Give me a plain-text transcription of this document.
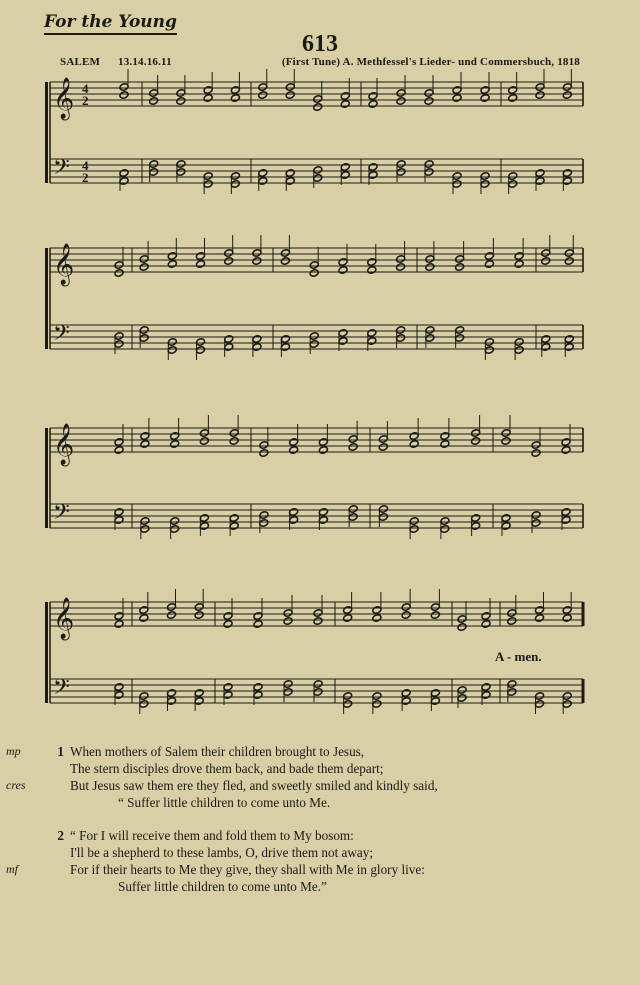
For the Young
613
SALEM 13.14.16.11	(First Tune) A. Methfessel's Lieder- und Commersbuch, 1818
𝄞
𝄢
4
2
4
2
𝄞
𝄢
𝄞
𝄢
𝄞
𝄢
A - men.
mp	1 When mothers of Salem their children brought to Jesus,
The stern disciples drove them back, and bade them depart;
cres	But Jesus saw them ere they fled, and sweetly smiled and kindly said,
“ Suffer little children to come unto Me.
2 “ For I will receive them and fold them to My bosom:
I'll be a shepherd to these lambs, O, drive them not away;
mf	For if their hearts to Me they give, they shall with Me in glory live:
Suffer little children to come unto Me.”
